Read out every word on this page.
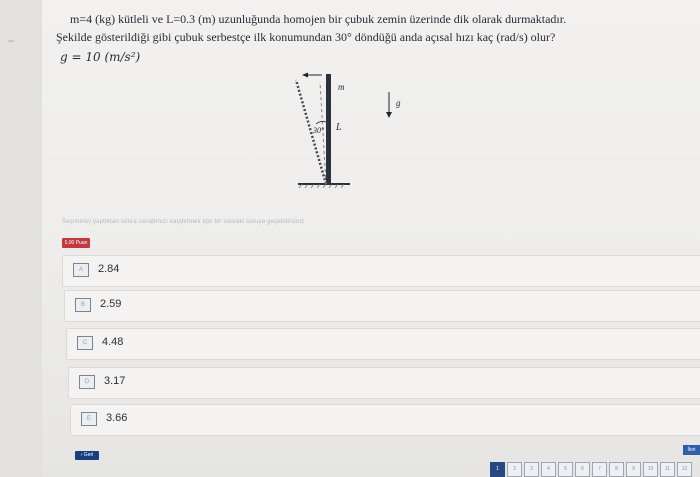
m=4 (kg) kütleli ve L=0.3 (m) uzunluğunda homojen bir çubuk zemin üzerinde dik olarak durmaktadır.
Şekilde gösterildiği gibi çubuk serbestçe ilk konumundan 30° döndüğü anda açısal hızı kaç (rad/s) olur?
g = 10 (m/s²)
m
L
30°
g
Seçiminizi yaptıktan sonra cevabınızı kaydetmek için bir sonraki soruya geçebilirsiniz
5.00 Puan
A	2.84
B	2.59
C	4.48
D	3.17
E	3.66
‹ Geri
İleri
1	2	3	4	5	6	7	8	9	10	11	12
